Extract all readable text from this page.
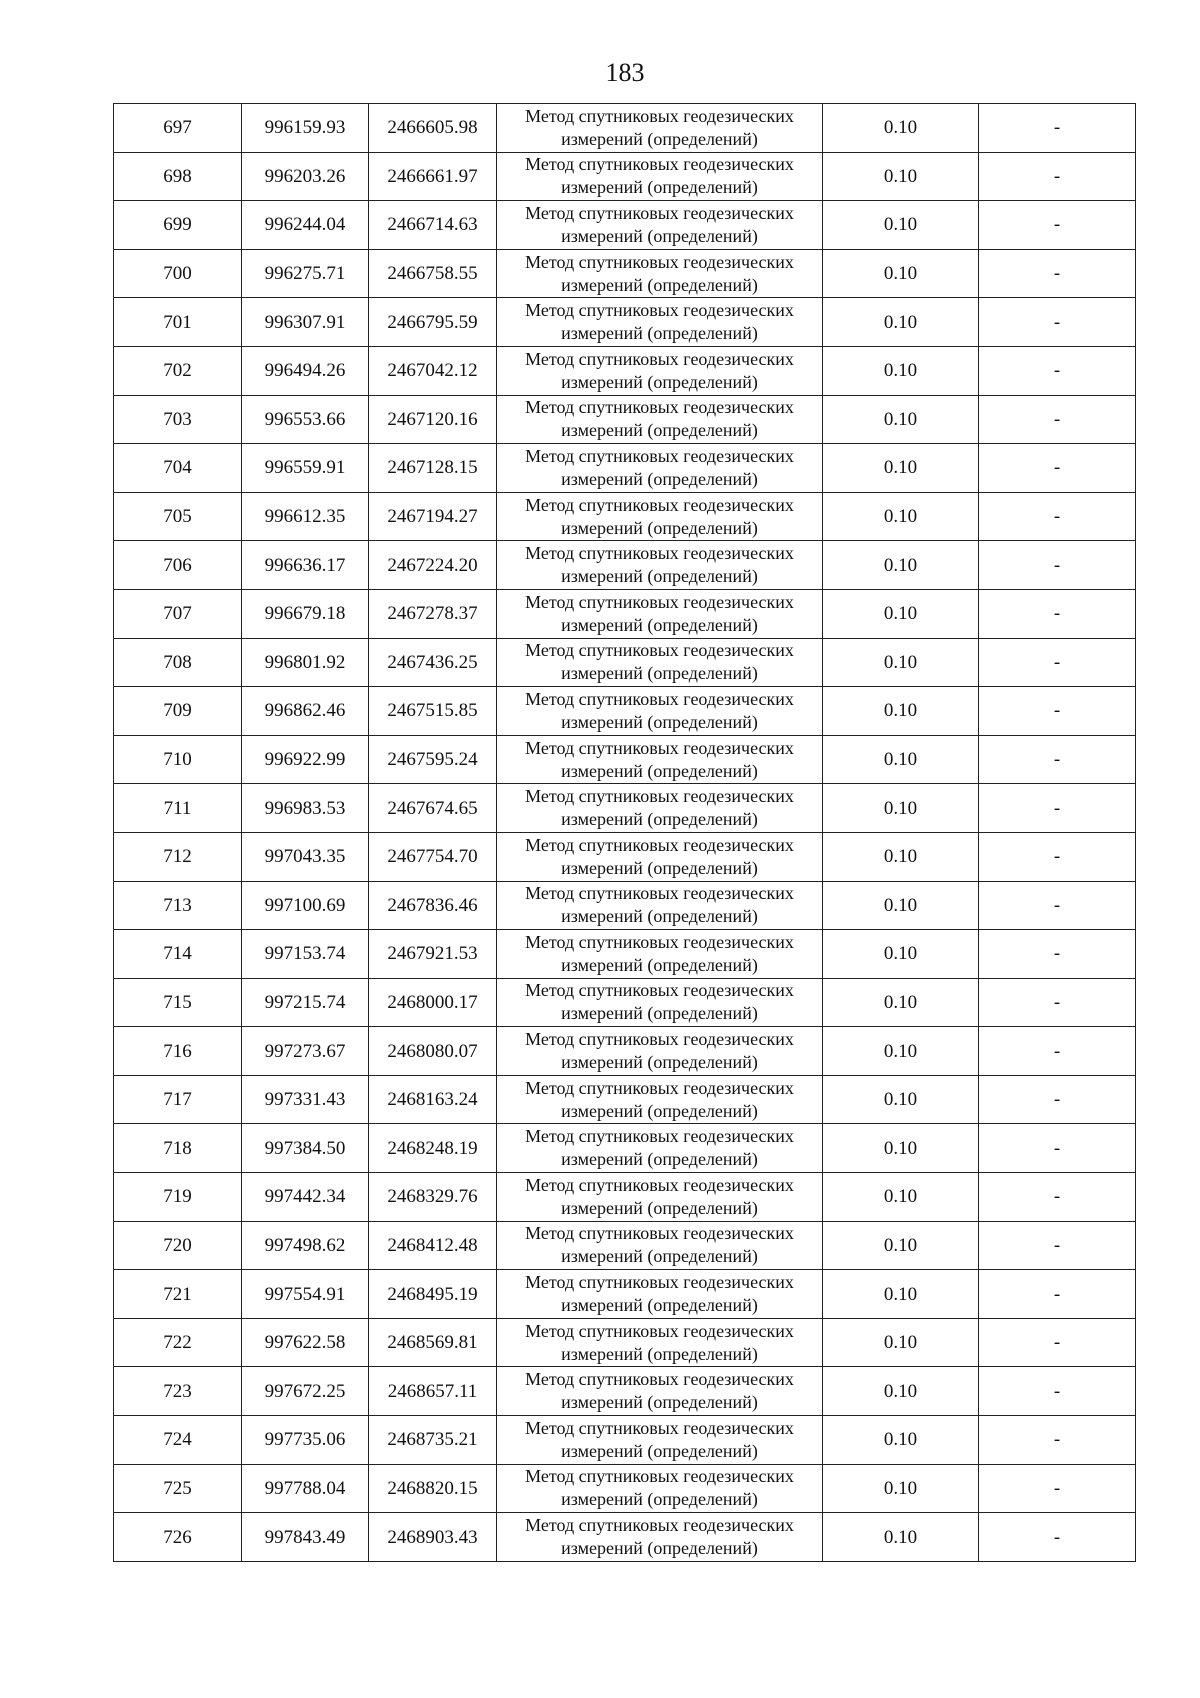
183
697	996159.93	2466605.98	Метод спутниковых геодезических
измерений (определений)	0.10	-
698	996203.26	2466661.97	Метод спутниковых геодезических
измерений (определений)	0.10	-
699	996244.04	2466714.63	Метод спутниковых геодезических
измерений (определений)	0.10	-
700	996275.71	2466758.55	Метод спутниковых геодезических
измерений (определений)	0.10	-
701	996307.91	2466795.59	Метод спутниковых геодезических
измерений (определений)	0.10	-
702	996494.26	2467042.12	Метод спутниковых геодезических
измерений (определений)	0.10	-
703	996553.66	2467120.16	Метод спутниковых геодезических
измерений (определений)	0.10	-
704	996559.91	2467128.15	Метод спутниковых геодезических
измерений (определений)	0.10	-
705	996612.35	2467194.27	Метод спутниковых геодезических
измерений (определений)	0.10	-
706	996636.17	2467224.20	Метод спутниковых геодезических
измерений (определений)	0.10	-
707	996679.18	2467278.37	Метод спутниковых геодезических
измерений (определений)	0.10	-
708	996801.92	2467436.25	Метод спутниковых геодезических
измерений (определений)	0.10	-
709	996862.46	2467515.85	Метод спутниковых геодезических
измерений (определений)	0.10	-
710	996922.99	2467595.24	Метод спутниковых геодезических
измерений (определений)	0.10	-
711	996983.53	2467674.65	Метод спутниковых геодезических
измерений (определений)	0.10	-
712	997043.35	2467754.70	Метод спутниковых геодезических
измерений (определений)	0.10	-
713	997100.69	2467836.46	Метод спутниковых геодезических
измерений (определений)	0.10	-
714	997153.74	2467921.53	Метод спутниковых геодезических
измерений (определений)	0.10	-
715	997215.74	2468000.17	Метод спутниковых геодезических
измерений (определений)	0.10	-
716	997273.67	2468080.07	Метод спутниковых геодезических
измерений (определений)	0.10	-
717	997331.43	2468163.24	Метод спутниковых геодезических
измерений (определений)	0.10	-
718	997384.50	2468248.19	Метод спутниковых геодезических
измерений (определений)	0.10	-
719	997442.34	2468329.76	Метод спутниковых геодезических
измерений (определений)	0.10	-
720	997498.62	2468412.48	Метод спутниковых геодезических
измерений (определений)	0.10	-
721	997554.91	2468495.19	Метод спутниковых геодезических
измерений (определений)	0.10	-
722	997622.58	2468569.81	Метод спутниковых геодезических
измерений (определений)	0.10	-
723	997672.25	2468657.11	Метод спутниковых геодезических
измерений (определений)	0.10	-
724	997735.06	2468735.21	Метод спутниковых геодезических
измерений (определений)	0.10	-
725	997788.04	2468820.15	Метод спутниковых геодезических
измерений (определений)	0.10	-
726	997843.49	2468903.43	Метод спутниковых геодезических
измерений (определений)	0.10	-
